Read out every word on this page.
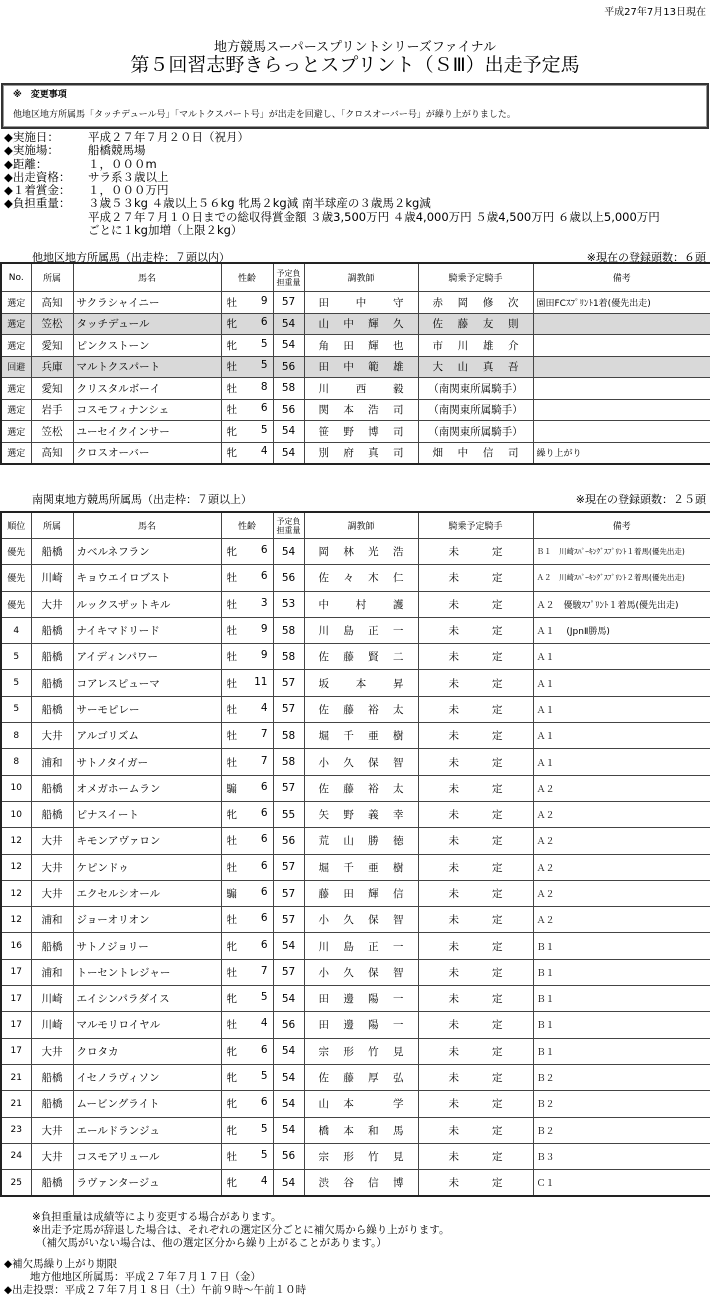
平成27年7月13日現在
地方競馬スーパースプリントシリーズファイナル
第５回習志野きらっとスプリント（ＳⅢ）出走予定馬
※　変更事項
他地区地方所属馬「タッチデュール号」「マルトクスパート号」が出走を回避し、「クロスオーバー号」が繰り上がりました。
◆実施日：	平成２７年７月２０日（祝月）
◆実施場：	船橋競馬場
◆距離：	１，０００m
◆出走資格：	サラ系３歳以上
◆１着賞金：	１，０００万円
◆負担重量：	３歳５３kg ４歳以上５６kg 牝馬２kg減 南半球産の３歳馬２kg減
平成２７年７月１０日までの総収得賞金額 ３歳3,500万円 ４歳4,000万円 ５歳4,500万円 ６歳以上5,000万円
ごとに１kg加増（上限２kg）
他地区地方所属馬（出走枠：７頭以内）	※現在の登録頭数：６頭
No.	所属	馬名	性齢	予定負担重量	調教師	騎乗予定騎手	備考
選定	高知	サクラシャイニー	牡 9	57	田中守	赤岡修次	園田FCｽﾌﾟﾘﾝﾄ1着(優先出走)
選定	笠松	タッチデュール	牝 6	54	山中輝久	佐藤友則	
選定	愛知	ピンクストーン	牝 5	54	角田輝也	市川雄介	
回避	兵庫	マルトクスパート	牡 5	56	田中範雄	大山真吾	
選定	愛知	クリスタルボーイ	牡 8	58	川西毅	（南関東所属騎手）	
選定	岩手	コスモフィナンシェ	牡 6	56	関本浩司	（南関東所属騎手）	
選定	笠松	ユーセイクインサー	牝 5	54	笹野博司	（南関東所属騎手）	
選定	高知	クロスオーバー	牝 4	54	別府真司	畑中信司	繰り上がり
南関東地方競馬所属馬（出走枠：７頭以上）	※現在の登録頭数：２５頭
順位	所属	馬名	性齢	予定負担重量	調教師	騎乗予定騎手	備考
優先	船橋	カベルネフラン	牝 6	54	岡林光浩	未定	Ｂ１　川崎ｽﾊﾟｰｷﾝｸﾞｽﾌﾟﾘﾝﾄ１着馬(優先出走)
優先	川崎	キョウエイロブスト	牡 6	56	佐々木仁	未定	Ａ２　川崎ｽﾊﾟｰｷﾝｸﾞｽﾌﾟﾘﾝﾄ２着馬(優先出走)
優先	大井	ルックスザットキル	牡 3	53	中村護	未定	Ａ２　優駿ｽﾌﾟﾘﾝﾄ１着馬(優先出走)
4	船橋	ナイキマドリード	牡 9	58	川島正一	未定	Ａ１　 (JpnⅡ勝馬)
5	船橋	アイディンパワー	牡 9	58	佐藤賢二	未定	Ａ１
5	船橋	コアレスピューマ	牡 11	57	坂本昇	未定	Ａ１
5	船橋	サーモピレー	牡 4	57	佐藤裕太	未定	Ａ１
8	大井	アルゴリズム	牡 7	58	堀千亜樹	未定	Ａ１
8	浦和	サトノタイガー	牡 7	58	小久保智	未定	Ａ１
10	船橋	オメガホームラン	騸 6	57	佐藤裕太	未定	Ａ２
10	船橋	ピナスイート	牝 6	55	矢野義幸	未定	Ａ２
12	大井	キモンアヴァロン	牡 6	56	荒山勝徳	未定	Ａ２
12	大井	ケピンドゥ	牡 6	57	堀千亜樹	未定	Ａ２
12	大井	エクセルシオール	騸 6	57	藤田輝信	未定	Ａ２
12	浦和	ジョーオリオン	牡 6	57	小久保智	未定	Ａ２
16	船橋	サトノジョリー	牝 6	54	川島正一	未定	Ｂ１
17	浦和	トーセントレジャー	牡 7	57	小久保智	未定	Ｂ１
17	川崎	エイシンパラダイス	牝 5	54	田邊陽一	未定	Ｂ１
17	川崎	マルモリロイヤル	牡 4	56	田邊陽一	未定	Ｂ１
17	大井	クロタカ	牝 6	54	宗形竹見	未定	Ｂ１
21	船橋	イセノラヴィソン	牝 5	54	佐藤厚弘	未定	Ｂ２
21	船橋	ムービングライト	牝 6	54	山本　学	未定	Ｂ２
23	大井	エールドランジュ	牝 5	54	橋本和馬	未定	Ｂ２
24	大井	コスモアリュール	牡 5	56	宗形竹見	未定	Ｂ３
25	船橋	ラヴァンタージュ	牝 4	54	渋谷信博	未定	Ｃ１
※負担重量は成績等により変更する場合があります。
※出走予定馬が辞退した場合は、それぞれの選定区分ごとに補欠馬から繰り上がります。
（補欠馬がいない場合は、他の選定区分から繰り上がることがあります。）
◆補欠馬繰り上がり期限
地方他地区所属馬：平成２７年７月１７日（金）
◆出走投票：平成２７年７月１８日（土）午前９時～午前１０時
